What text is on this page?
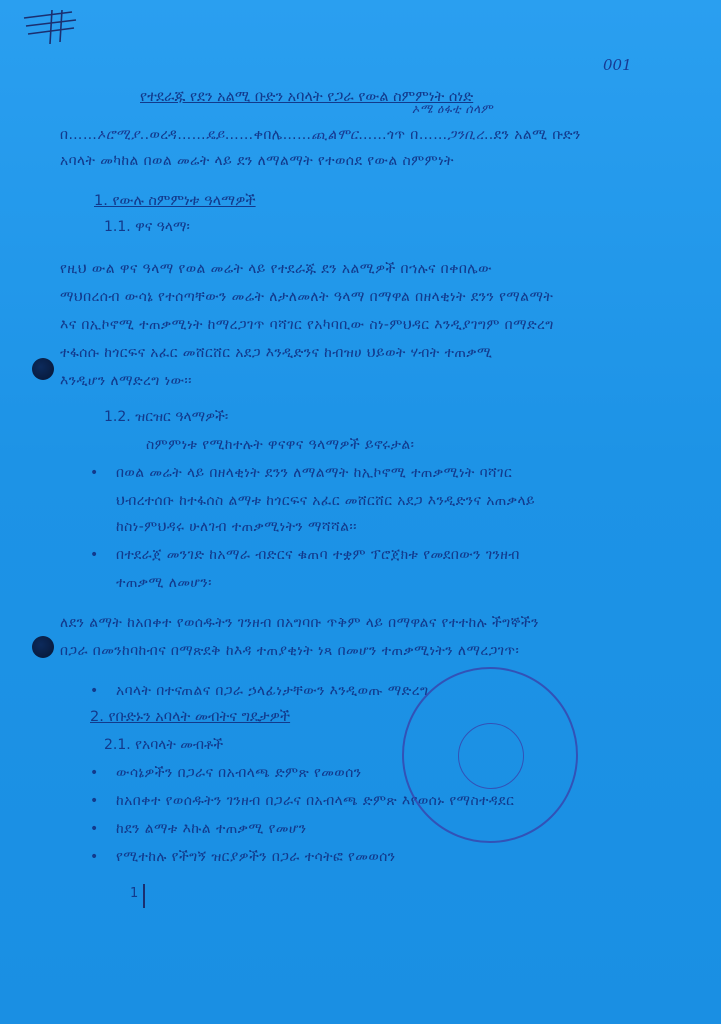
001
የተደራጁ የደን አልሚ ቡድን አባላት የጋራ የውል ስምምነት ሰነድ
ኦሜ ዕፋቲ ሰላም
በ……ኦሮሚያ..ወረዳ……ዴይ……ቀበሌ……ጪልሞር……ጎጥ በ……ጋንቢረ..ደን አልሚ ቡድን
አባላት መካከል በወል መሬት ላይ ደን ለማልማት የተወሰደ የውል ስምምነት
1. የውሉ ስምምነቱ ዓላማዎች
1.1. ዋና ዓላማ፡
የዚህ ውል ዋና ዓላማ የወል መሬት ላይ የተደራጁ ደን አልሚዎች በኀሉና በቀበሌው
ማህበረሰብ ውሳኔ የተሰጣቸውን መሬት ለታለመለት ዓላማ በማዋል በዘላቂነት ደንን የማልማት
እና በኢኮኖሚ ተጠቃሚነት ከማረጋገጥ ባሻገር የአካባቢው ስነ-ምህዳር እንዲያገግም በማድረግ
ተፋሰሱ ከጎርፍና አፈር መሸርሸር አደጋ እንዲድንና ከብዝሀ ህይወት ሃብት ተጠቃሚ
እንዲሆን ለማድረግ ነው፡፡
1.2. ዝርዝር ዓላማዎች፡
ስምምነቱ የሚከተሉት ዋናዋና ዓላማዎች ይኖሩታል፡
• በወል መሬት ላይ በዘላቂነት ደንን ለማልማት ከኢኮኖሚ ተጠቃሚነት ባሻገር
ህብረተሰቡ ከተፋሰስ ልማቱ ከጎርፍና አፈር መሸርሸር አደጋ እንዲድንና አጠቃላይ
ከስነ-ምህዳሩ ሁለገብ ተጠቃሚነትን ማሻሻል፡፡
• በተደራጀ መንገድ ከአማራ ብድርና ቁጠባ ተቋም ፕሮጀክቱ የመደበውን ገንዘብ
ተጠቃሚ ለመሆን፡
ለደን ልማት ከአበቀተ የወሰዱትን ገንዘብ በአግባቡ ጥቅም ላይ በማዋልና የተተከሉ ችግኞችን
በጋራ በመንከባከብና በማጽደቅ ከእዳ ተጠያቂነት ነጻ በመሆን ተጠቃሚነትን ለማረጋገጥ፡
• አባላት በተናጠልና በጋራ ኃላፊነታቸውን እንዲወጡ ማድረግ
2. የቡድኑን አባላት መብትና ግዴታዎች
2.1. የአባላት መብቶች
• ውሳኔዎችን በጋራና በአብላጫ ድምጽ የመወሰን
• ከአበቀተ የወሰዱትን ገንዘብ በጋራና በአብላጫ ድምጽ እየወሰኑ የማስተዳደር
• ከደን ልማቱ እኩል ተጠቃሚ የመሆን
• የሚተከሉ የችግኝ ዝርያዎችን በጋራ ተሳትፎ የመወሰን
1
